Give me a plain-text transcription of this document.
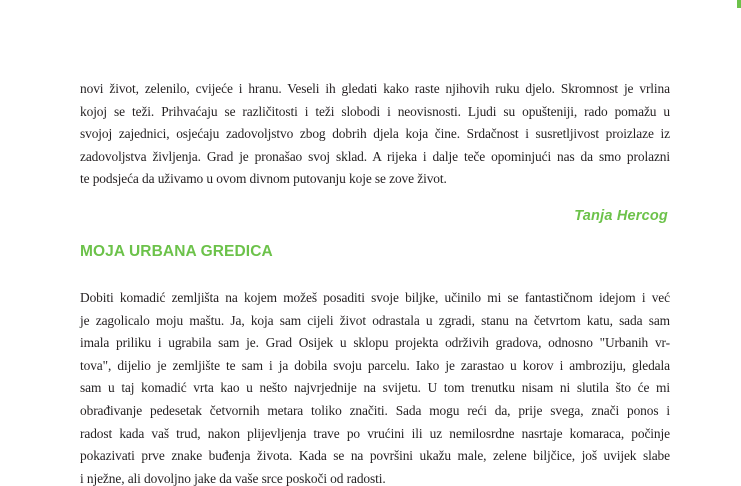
novi život, zelenilo, cvijeće i hranu. Veseli ih gledati kako raste njihovih ruku djelo. Skromnost je vrlina
kojoj se teži. Prihvaćaju se različitosti i teži slobodi i neovisnosti. Ljudi su opušteniji, rado pomažu u
svojoj zajednici, osjećaju zadovoljstvo zbog dobrih djela koja čine. Srdačnost i susretljivost proizlaze iz
zadovoljstva življenja. Grad je pronašao svoj sklad. A rijeka i dalje teče opominjući nas da smo prolazni
te podsjeća da uživamo u ovom divnom putovanju koje se zove život.

Tanja Hercog

MOJA URBANA GREDICA

Dobiti komadić zemljišta na kojem možeš posaditi svoje biljke, učinilo mi se fantastičnom idejom i već
je zagolicalo moju maštu. Ja, koja sam cijeli život odrastala u zgradi, stanu na četvrtom katu, sada sam
imala priliku i ugrabila sam je. Grad Osijek u sklopu projekta održivih gradova, odnosno "Urbanih vr-
tova", dijelio je zemljište te sam i ja dobila svoju parcelu. Iako je zarastao u korov i ambroziju, gledala
sam u taj komadić vrta kao u nešto najvrjednije na svijetu. U tom trenutku nisam ni slutila što će mi
obrađivanje pedesetak četvornih metara toliko značiti. Sada mogu reći da, prije svega, znači ponos i
radost kada vaš trud, nakon plijevljenja trave po vrućini ili uz nemilosrdne nasrtaje komaraca, počinje
pokazivati prve znake buđenja života. Kada se na površini ukažu male, zelene biljčice, još uvijek slabe
i nježne, ali dovoljno jake da vaše srce poskoči od radosti.
